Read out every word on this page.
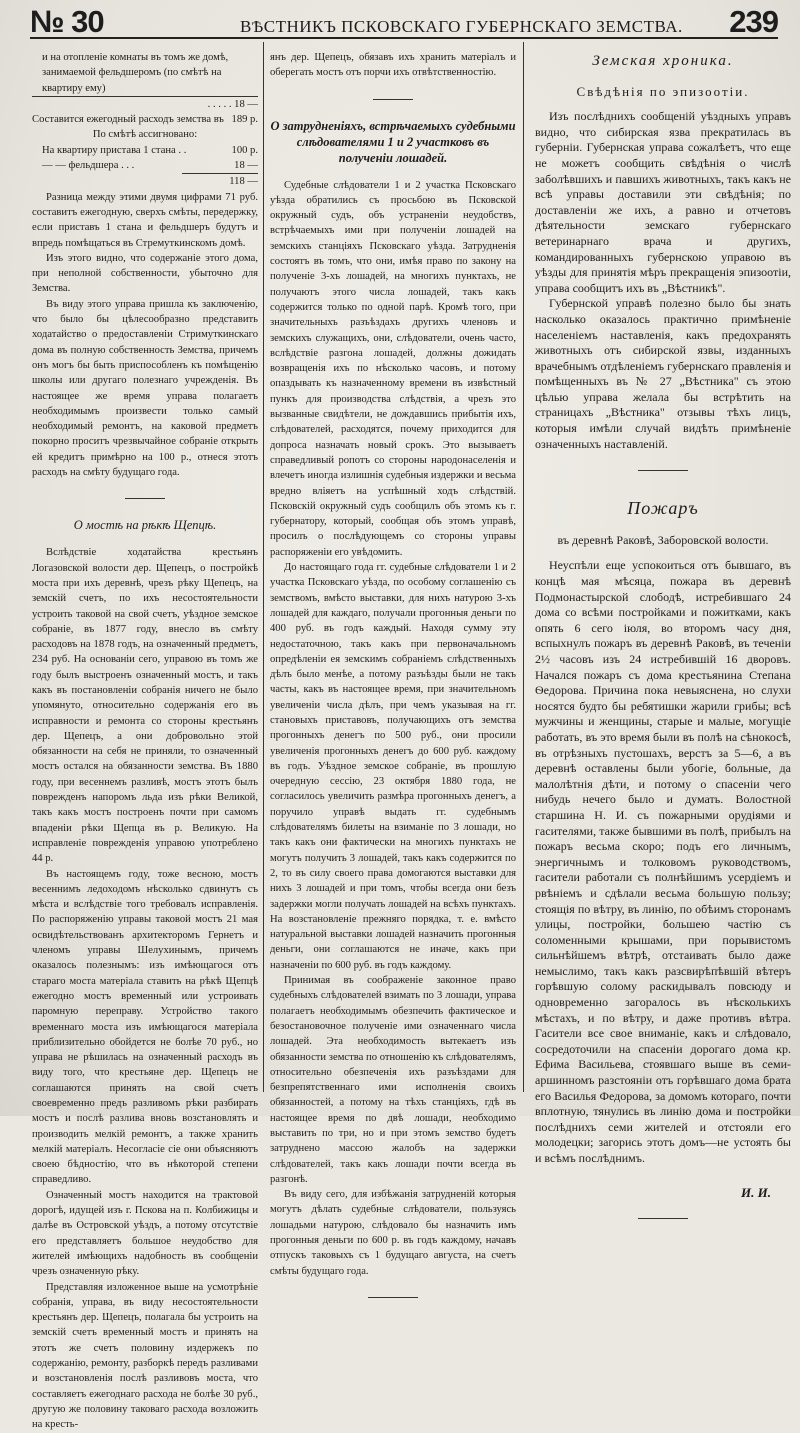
№ 30	ВѢСТНИКЪ ПСКОВСКАГО ГУБЕРНСКАГО ЗЕМСТВА. 239
и на отопленіе комнаты въ томъ же домѣ, занимаемой фельдшеромъ (по смѣтѣ на квартиру ему)
. . . . . 18 —
Составится ежегодный расходъ земства въ 189 р.
По смѣтѣ ассигновано:
На квартиру пристава 1 стана . .	100 р.
— — фельдшера . . .	18 —
118 —

Разница между этими двумя цифрами 71 руб. составитъ ежегодную, сверхъ смѣты, передержку, если приставъ 1 стана и фельдшеръ будутъ и впредь помѣщаться въ Стремуткинскомъ домѣ.

Изъ этого видно, что содержаніе этого дома, при неполной собственности, убыточно для Земства.

Въ виду этого управа пришла къ заключенію, что было бы цѣлесообразно представить ходатайство о предоставленіи Стримуткинскаго дома въ полную собственность Земства, причемъ онъ могъ бы быть приспособленъ къ помѣщенію школы или другаго полезнаго учрежденія. Въ настоящее же время управа полагаетъ необходимымъ произвести только самый необходимый ремонтъ, на каковой предметъ покорно проситъ чрезвычайное собраніе открыть ей кредитъ примѣрно на 100 р., отнеся этотъ расходъ на смѣту будущаго года.

О мостѣ на рѣкѣ Щепцѣ.

Вслѣдствіе ходатайства крестьянъ Логазовской волости дер. Щепецъ, о постройкѣ моста при ихъ деревнѣ, чрезъ рѣку Щепецъ, на земскій счетъ, по ихъ несостоятельности устроить таковой на свой счетъ, уѣздное земское собраніе, въ 1877 году, внесло въ смѣту расходовъ на 1878 годъ, на означенный предметъ, 234 руб. На основаніи сего, управою въ томъ же году былъ выстроенъ означенный мостъ, и такъ какъ въ постановленіи собранія ничего не было упомянуто, относительно содержанія его въ исправности и ремонта со стороны крестьянъ дер. Щепецъ, а они добровольно этой обязанности на себя не приняли, то означенный мостъ остался на обязанности земства. Въ 1880 году, при весеннемъ разливѣ, мостъ этотъ былъ поврежденъ напоромъ льда изъ рѣки Великой, такъ какъ мостъ построенъ почти при самомъ впаденіи рѣки Щепца въ р. Великую. На исправленіе поврежденія управою употреблено 44 р.

Въ настоящемъ году, тоже весною, мостъ весеннимъ ледоходомъ нѣсколько сдвинутъ съ мѣста и вслѣдствіе того требовалъ исправленія. По распоряженію управы таковой мостъ 21 мая освидѣтельствованъ архитекторомъ Гернетъ и членомъ управы Шелухинымъ, причемъ оказалось полезнымъ: изъ имѣющагося отъ стараго моста матеріала ставить на рѣкѣ Щепцѣ ежегодно мостъ временный или устроивать паромную переправу. Устройство такого временнаго моста изъ имѣющагося матеріала приблизительно обойдется не болѣе 70 руб., но управа не рѣшилась на означенный расходъ въ виду того, что крестьяне дер. Щепецъ не соглашаются принять на свой счетъ своевременно предъ разливомъ рѣки разбирать мостъ и послѣ разлива вновь возстановлять и производить мелкій ремонтъ, а также хранить мелкій матеріалъ. Несогласіе сіе они объясняютъ своею бѣдностію, что въ нѣкоторой степени справедливо.

Означенный мостъ находится на трактовой дорогѣ, идущей изъ г. Пскова на п. Колбижицы и далѣе въ Островской уѣздъ, а потому отсутствіе его представляетъ большое неудобство для жителей имѣющихъ надобность въ сообщеніи чрезъ означенную рѣку.

Представляя изложенное выше на усмотрѣніе собранія, управа, въ виду несостоятельности крестьянъ дер. Щепецъ, полагала бы устроить на земскій счетъ временный мостъ и принять на этотъ же счетъ половину издержекъ по содержанію, ремонту, разборкѣ передъ разливами и возстановленія послѣ разливовъ моста, что составляетъ ежегоднаго расхода не болѣе 30 руб., другую же половину таковаго расхода возложить на кресть-

янъ дер. Щепецъ, обязавъ ихъ хранить матеріалъ и оберегать мостъ отъ порчи ихъ отвѣтственностію.

О затрудненіяхъ, встрѣчаемыхъ судебными слѣдователями 1 и 2 участковъ въ полученіи лошадей.

Судебные слѣдователи 1 и 2 участка Псковскаго уѣзда обратились съ просьбою въ Псковской окружный судъ, объ устраненіи неудобствъ, встрѣчаемыхъ ими при полученіи лошадей на земскихъ станціяхъ Псковскаго уѣзда. Затрудненія состоятъ въ томъ, что они, имѣя право по закону на полученіе 3-хъ лошадей, на многихъ пунктахъ, не получаютъ этого числа лошадей, такъ какъ содержится только по одной парѣ. Кромѣ того, при значительныхъ разъѣздахъ другихъ членовъ и земскихъ служащихъ, они, слѣдователи, очень часто, вслѣдствіе разгона лошадей, должны дожидать возвращенія ихъ по нѣсколько часовъ, и потому опаздывать къ назначенному времени въ извѣстный пункъ для производства слѣдствія, а чрезъ это вызванные свидѣтели, не дождавшись прибытія ихъ, слѣдователей, расходятся, почему приходится для допроса назначать новый срокъ. Это вызываетъ справедливый ропотъ со стороны народонаселенія и влечетъ иногда излишнія судебныя издержки и весьма вредно вліяетъ на успѣшный ходъ слѣдствій. Псковскій окружный судъ сообщилъ объ этомъ къ г. губернатору, который, сообщая объ этомъ управѣ, просилъ о послѣдующемъ со стороны управы распоряженіи его увѣдомить.

До настоящаго года гг. судебные слѣдователи 1 и 2 участка Псковскаго уѣзда, по особому соглашенію съ земствомъ, вмѣсто выставки, для нихъ натурою 3-хъ лошадей для каждаго, получали прогонныя деньги по 400 руб. въ годъ каждый. Находя сумму эту недостаточною, такъ какъ при первоначальномъ опредѣленіи ея земскимъ собраніемъ слѣдственныхъ дѣлъ было менѣе, а потому разъѣзды были не такъ часты, какъ въ настоящее время, при значительномъ увеличеніи числа дѣлъ, при чемъ указывая на гг. становыхъ приставовъ, получающихъ отъ земства прогонныхъ денегъ по 500 руб., они просили увеличенія прогонныхъ денегъ до 600 руб. каждому въ годъ. Уѣздное земское собраніе, въ прошлую очередную сессію, 23 октября 1880 года, не согласилось увеличить размѣра прогонныхъ денегъ, а поручило управѣ выдать гг. судебнымъ слѣдователямъ билеты на взиманіе по 3 лошади, но такъ какъ они фактически на многихъ пунктахъ не могутъ получить 3 лошадей, такъ какъ содержится по 2, то въ силу своего права домогаются выставки для нихъ 3 лошадей и при томъ, чтобы всегда они безъ задержки могли получать лошадей на всѣхъ пунктахъ. На возстановленіе прежняго порядка, т. е. вмѣсто натуральной выставки лошадей назначить прогонныя деньги, они соглашаются не иначе, какъ при назначеніи по 600 руб. въ годъ каждому.

Принимая въ соображеніе законное право судебныхъ слѣдователей взимать по 3 лошади, управа полагаетъ необходимымъ обезпечить фактическое и безостановочное полученіе ими означеннаго числа лошадей. Эта необходимость вытекаетъ изъ обязанности земства по отношенію къ слѣдователямъ, относительно обезпеченія ихъ разъѣздами для безпрепятственнаго ими исполненія своихъ обязанностей, а потому на тѣхъ станціяхъ, гдѣ въ настоящее время по двѣ лошади, необходимо выставить по три, но и при этомъ земство будетъ затруднено массою жалобъ на задержки слѣдователей, такъ какъ лошади почти всегда въ разгонѣ.

Въ виду сего, для избѣжанія затрудненій которыя могутъ дѣлать судебные слѣдователи, пользуясь лошадьми натурою, слѣдовало бы назначить имъ прогонныя деньги по 600 р. въ годъ каждому, начавъ отпускъ таковыхъ съ 1 будущаго августа, на счетъ смѣты будущаго года.

Земская хроника.
Свѣдѣнія по эпизоотіи.

Изъ послѣднихъ сообщеній уѣздныхъ управъ видно, что сибирская язва прекратилась въ губерніи. Губернская управа сожалѣетъ, что еще не можетъ сообщить свѣдѣнія о числѣ заболѣвшихъ и павшихъ животныхъ, такъ какъ не всѣ управы доставили эти свѣдѣнія; по доставленіи же ихъ, а равно и отчетовъ дѣятельности земскаго губернскаго ветеринарнаго врача и другихъ, командированныхъ губернскою управою въ уѣзды для принятія мѣръ прекращенія эпизоотіи, управа сообщитъ ихъ въ „Вѣстникѣ".

Губернской управѣ полезно было бы знать насколько оказалось практично примѣненіе населеніемъ наставленія, какъ предохранять животныхъ отъ сибирской язвы, изданныхъ врачебнымъ отдѣленіемъ губернскаго правленія и помѣщенныхъ въ № 27 „Вѣстника" съ этою цѣлью управа желала бы встрѣтить на страницахъ „Вѣстника" отзывы тѣхъ лицъ, которыя имѣли случай видѣть примѣненіе означенныхъ наставленій.

Пожаръ
въ деревнѣ Раковѣ, Заборовской волости.

Неуспѣли еще успокоиться отъ бывшаго, въ концѣ мая мѣсяца, пожара въ деревнѣ Подмонастырской слободѣ, истребившаго 24 дома со всѣми постройками и пожитками, какъ опять 6 сего іюля, во второмъ часу дня, вспыхнулъ пожаръ въ деревнѣ Раковѣ, въ теченіи 2½ часовъ изъ 24 истребившій 16 дворовъ. Начался пожаръ съ дома крестьянина Степана Ѳедорова. Причина пока невыяснена, но слухи носятся будто бы ребятишки жарили грибы; всѣ мужчины и женщины, старые и малые, могущіе работать, въ это время были въ полѣ на сѣнокосѣ, въ отрѣзныхъ пустошахъ, верстъ за 5—6, а въ деревнѣ оставлены были убогіе, больные, да малолѣтнія дѣти, и потому о спасеніи чего нибудь нечего было и думать. Волостной старшина Н. И. съ пожарными орудіями и гасителями, также бывшими въ полѣ, прибылъ на пожаръ весьма скоро; подъ его личнымъ, энергичнымъ и толковомъ руководствомъ, гасители работали съ полнѣйшимъ усердіемъ и рвѣніемъ и сдѣлали весьма большую пользу; стоящія по вѣтру, въ линію, по обѣимъ сторонамъ улицы, постройки, большею частію съ соломенными крышами, при порывистомъ сильнѣйшемъ вѣтрѣ, отстаивать было даже немыслимо, такъ какъ разсвирѣпѣвшій вѣтеръ горѣвшую солому раскидывалъ повсюду и одновременно загоралось въ нѣсколькихъ мѣстахъ, и по вѣтру, и даже противъ вѣтра. Гасители все свое вниманіе, какъ и слѣдовало, сосредоточили на спасеніи дорогаго дома кр. Ефима Васильева, стоявшаго выше въ семи-аршинномъ разстояніи отъ горѣвшаго дома брата его Василья Федорова, за домомъ котораго, почти вплотную, тянулись въ линію дома и постройки послѣднихъ семи жителей и отстояли его молодецки; загорись этотъ домъ—не устоять бы и всѣмъ послѣднимъ.

И. И.
